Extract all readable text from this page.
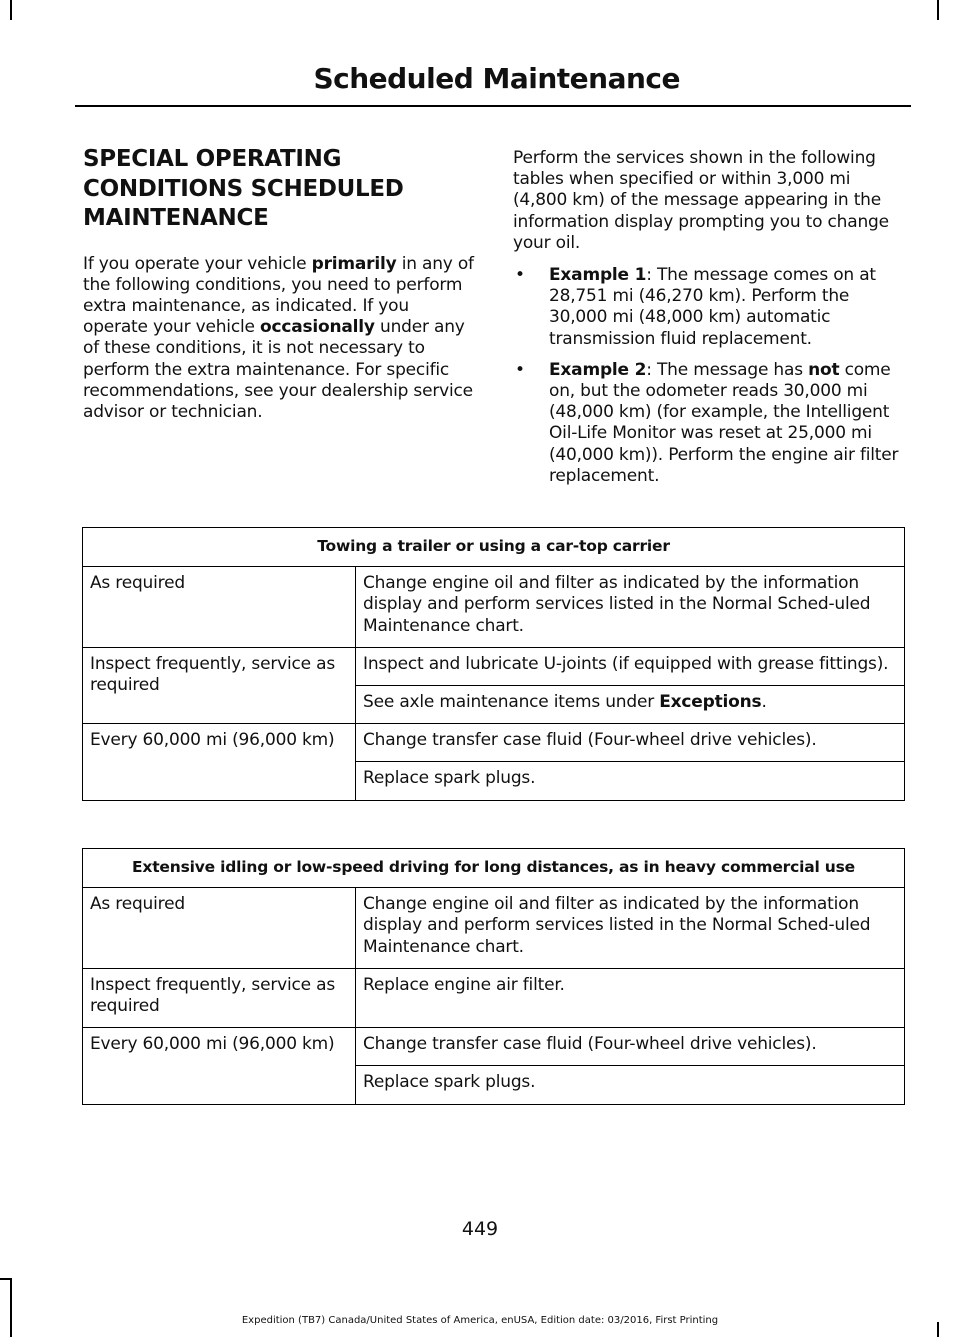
Scheduled Maintenance
SPECIAL OPERATING
CONDITIONS SCHEDULED
MAINTENANCE

If you operate your vehicle primarily in any of the following conditions, you need to perform extra maintenance, as indicated. If you operate your vehicle occasionally under any of these conditions, it is not necessary to perform the extra maintenance. For specific recommendations, see your dealership service advisor or technician.

Perform the services shown in the following tables when specified or within 3,000 mi (4,800 km) of the message appearing in the information display prompting you to change your oil.

• Example 1: The message comes on at 28,751 mi (46,270 km). Perform the 30,000 mi (48,000 km) automatic transmission fluid replacement.
• Example 2: The message has not come on, but the odometer reads 30,000 mi (48,000 km) (for example, the Intelligent Oil-Life Monitor was reset at 25,000 mi (40,000 km)). Perform the engine air filter replacement.
Towing a trailer or using a car-top carrier	
As required	Change engine oil and filter as indicated by the information display and perform services listed in the Normal Sched-uled Maintenance chart.
Inspect frequently, service as required	Inspect and lubricate U-joints (if equipped with grease fittings).
	See axle maintenance items under Exceptions.
Every 60,000 mi (96,000 km)	Change transfer case fluid (Four-wheel drive vehicles).
	Replace spark plugs.
Extensive idling or low-speed driving for long distances, as in heavy commercial use	
As required	Change engine oil and filter as indicated by the information display and perform services listed in the Normal Sched-uled Maintenance chart.
Inspect frequently, service as required	Replace engine air filter.
Every 60,000 mi (96,000 km)	Change transfer case fluid (Four-wheel drive vehicles).
	Replace spark plugs.
449
Expedition (TB7) Canada/United States of America, enUSA, Edition date: 03/2016, First Printing
